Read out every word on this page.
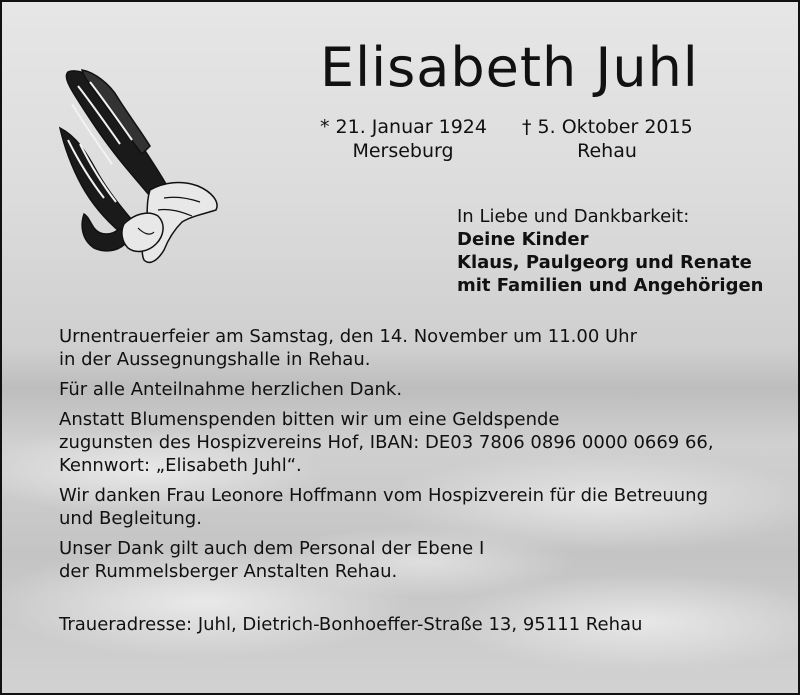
Elisabeth Juhl
* 21. Januar 1924
Merseburg
† 5. Oktober 2015
Rehau
In Liebe und Dankbarkeit:
Deine Kinder
Klaus, Paulgeorg und Renate
mit Familien und Angehörigen

Urnentrauerfeier am Samstag, den 14. November um 11.00 Uhr
in der Aussegnungshalle in Rehau.

Für alle Anteilnahme herzlichen Dank.

Anstatt Blumenspenden bitten wir um eine Geldspende
zugunsten des Hospizvereins Hof, IBAN: DE03 7806 0896 0000 0669 66,
Kennwort: „Elisabeth Juhl“.

Wir danken Frau Leonore Hoffmann vom Hospizverein für die Betreuung
und Begleitung.

Unser Dank gilt auch dem Personal der Ebene I
der Rummelsberger Anstalten Rehau.

Traueradresse: Juhl, Dietrich-Bonhoeffer-Straße 13, 95111 Rehau
